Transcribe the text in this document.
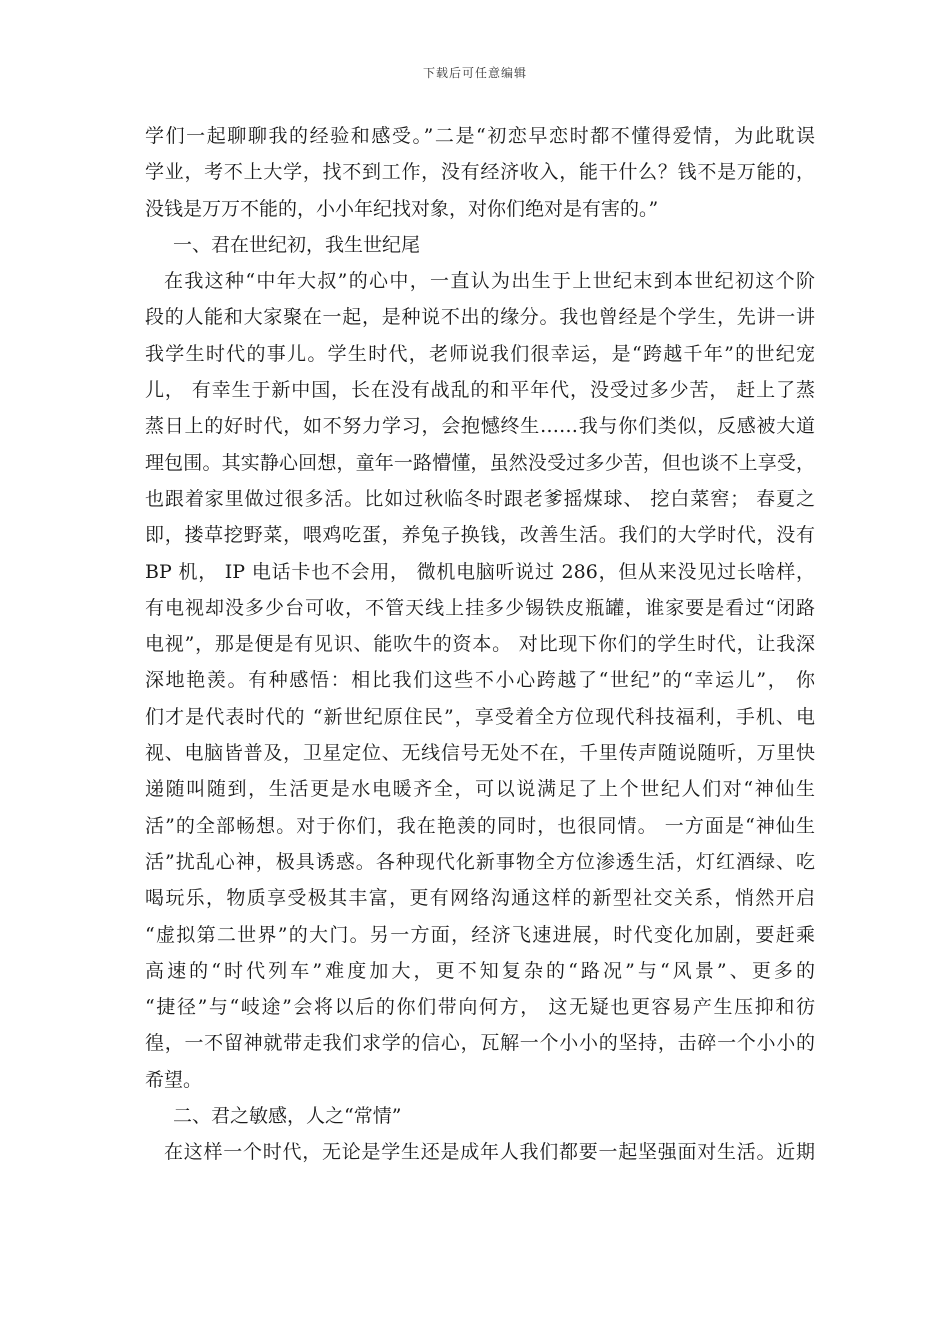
下载后可任意编辑
学们一起聊聊我的经验和感受。”二是“初恋早恋时都不懂得爱情，为此耽误
学业，考不上大学，找不到工作，没有经济收入，能干什么？钱不是万能的，
没钱是万万不能的，小小年纪找对象，对你们绝对是有害的。”
一、君在世纪初，我生世纪尾
在我这种“中年大叔”的心中，一直认为出生于上世纪末到本世纪初这个阶
段的人能和大家聚在一起，是种说不出的缘分。我也曾经是个学生，先讲一讲
我学生时代的事儿。学生时代，老师说我们很幸运，是“跨越千年”的世纪宠
儿， 有幸生于新中国，长在没有战乱的和平年代，没受过多少苦， 赶上了蒸
蒸日上的好时代，如不努力学习，会抱憾终生……我与你们类似，反感被大道
理包围。其实静心回想，童年一路懵懂，虽然没受过多少苦，但也谈不上享受，
也跟着家里做过很多活。比如过秋临冬时跟老爹摇煤球、 挖白菜窖； 春夏之
即，搂草挖野菜，喂鸡吃蛋，养兔子换钱，改善生活。我们的大学时代，没有
BP 机， IP 电话卡也不会用， 微机电脑听说过 286，但从来没见过长啥样，
有电视却没多少台可收，不管天线上挂多少锡铁皮瓶罐，谁家要是看过“闭路
电视”，那是便是有见识、能吹牛的资本。 对比现下你们的学生时代，让我深
深地艳羡。有种感悟：相比我们这些不小心跨越了“世纪”的“幸运儿”， 你
们才是代表时代的 “新世纪原住民”，享受着全方位现代科技福利，手机、电
视、电脑皆普及，卫星定位、无线信号无处不在，千里传声随说随听，万里快
递随叫随到，生活更是水电暖齐全，可以说满足了上个世纪人们对“神仙生
活”的全部畅想。对于你们，我在艳羡的同时，也很同情。 一方面是“神仙生
活”扰乱心神，极具诱惑。各种现代化新事物全方位渗透生活，灯红酒绿、吃
喝玩乐，物质享受极其丰富，更有网络沟通这样的新型社交关系，悄然开启
“虚拟第二世界”的大门。另一方面，经济飞速进展，时代变化加剧，要赶乘
高速的“时代列车”难度加大，更不知复杂的“路况”与“风景”、更多的
“捷径”与“岐途”会将以后的你们带向何方， 这无疑也更容易产生压抑和彷
徨，一不留神就带走我们求学的信心，瓦解一个小小的坚持，击碎一个小小的
希望。
二、君之敏感，人之“常情”
在这样一个时代，无论是学生还是成年人我们都要一起坚强面对生活。近期
